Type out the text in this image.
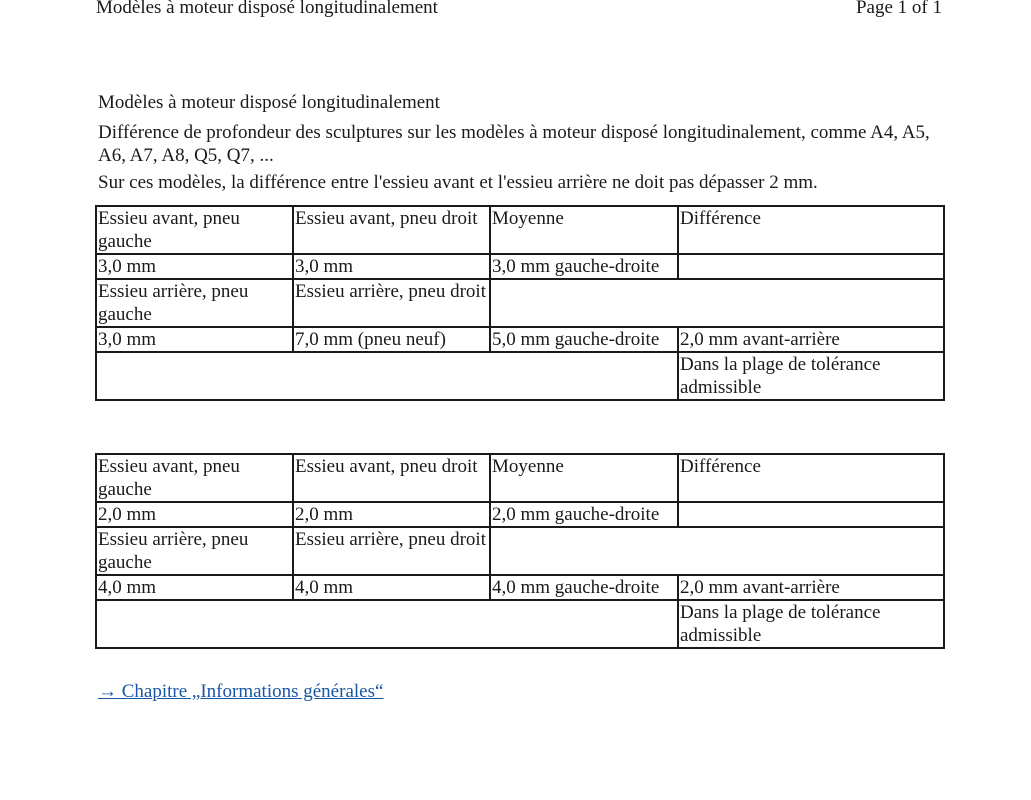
Modèles à moteur disposé longitudinalement	Page 1 of 1
Modèles à moteur disposé longitudinalement
Différence de profondeur des sculptures sur les modèles à moteur disposé longitudinalement, comme A4, A5, A6, A7, A8, Q5, Q7, ...
Sur ces modèles, la différence entre l'essieu avant et l'essieu arrière ne doit pas dépasser 2 mm.
Essieu avant, pneu gauche	Essieu avant, pneu droit	Moyenne	Différence
3,0 mm	3,0 mm	3,0 mm gauche-droite	
Essieu arrière, pneu gauche	Essieu arrière, pneu droit		
3,0 mm	7,0 mm (pneu neuf)	5,0 mm gauche-droite	2,0 mm avant-arrière
			Dans la plage de tolérance admissible
Essieu avant, pneu gauche	Essieu avant, pneu droit	Moyenne	Différence
2,0 mm	2,0 mm	2,0 mm gauche-droite	
Essieu arrière, pneu gauche	Essieu arrière, pneu droit		
4,0 mm	4,0 mm	4,0 mm gauche-droite	2,0 mm avant-arrière
			Dans la plage de tolérance admissible
→ Chapitre „Informations générales“
